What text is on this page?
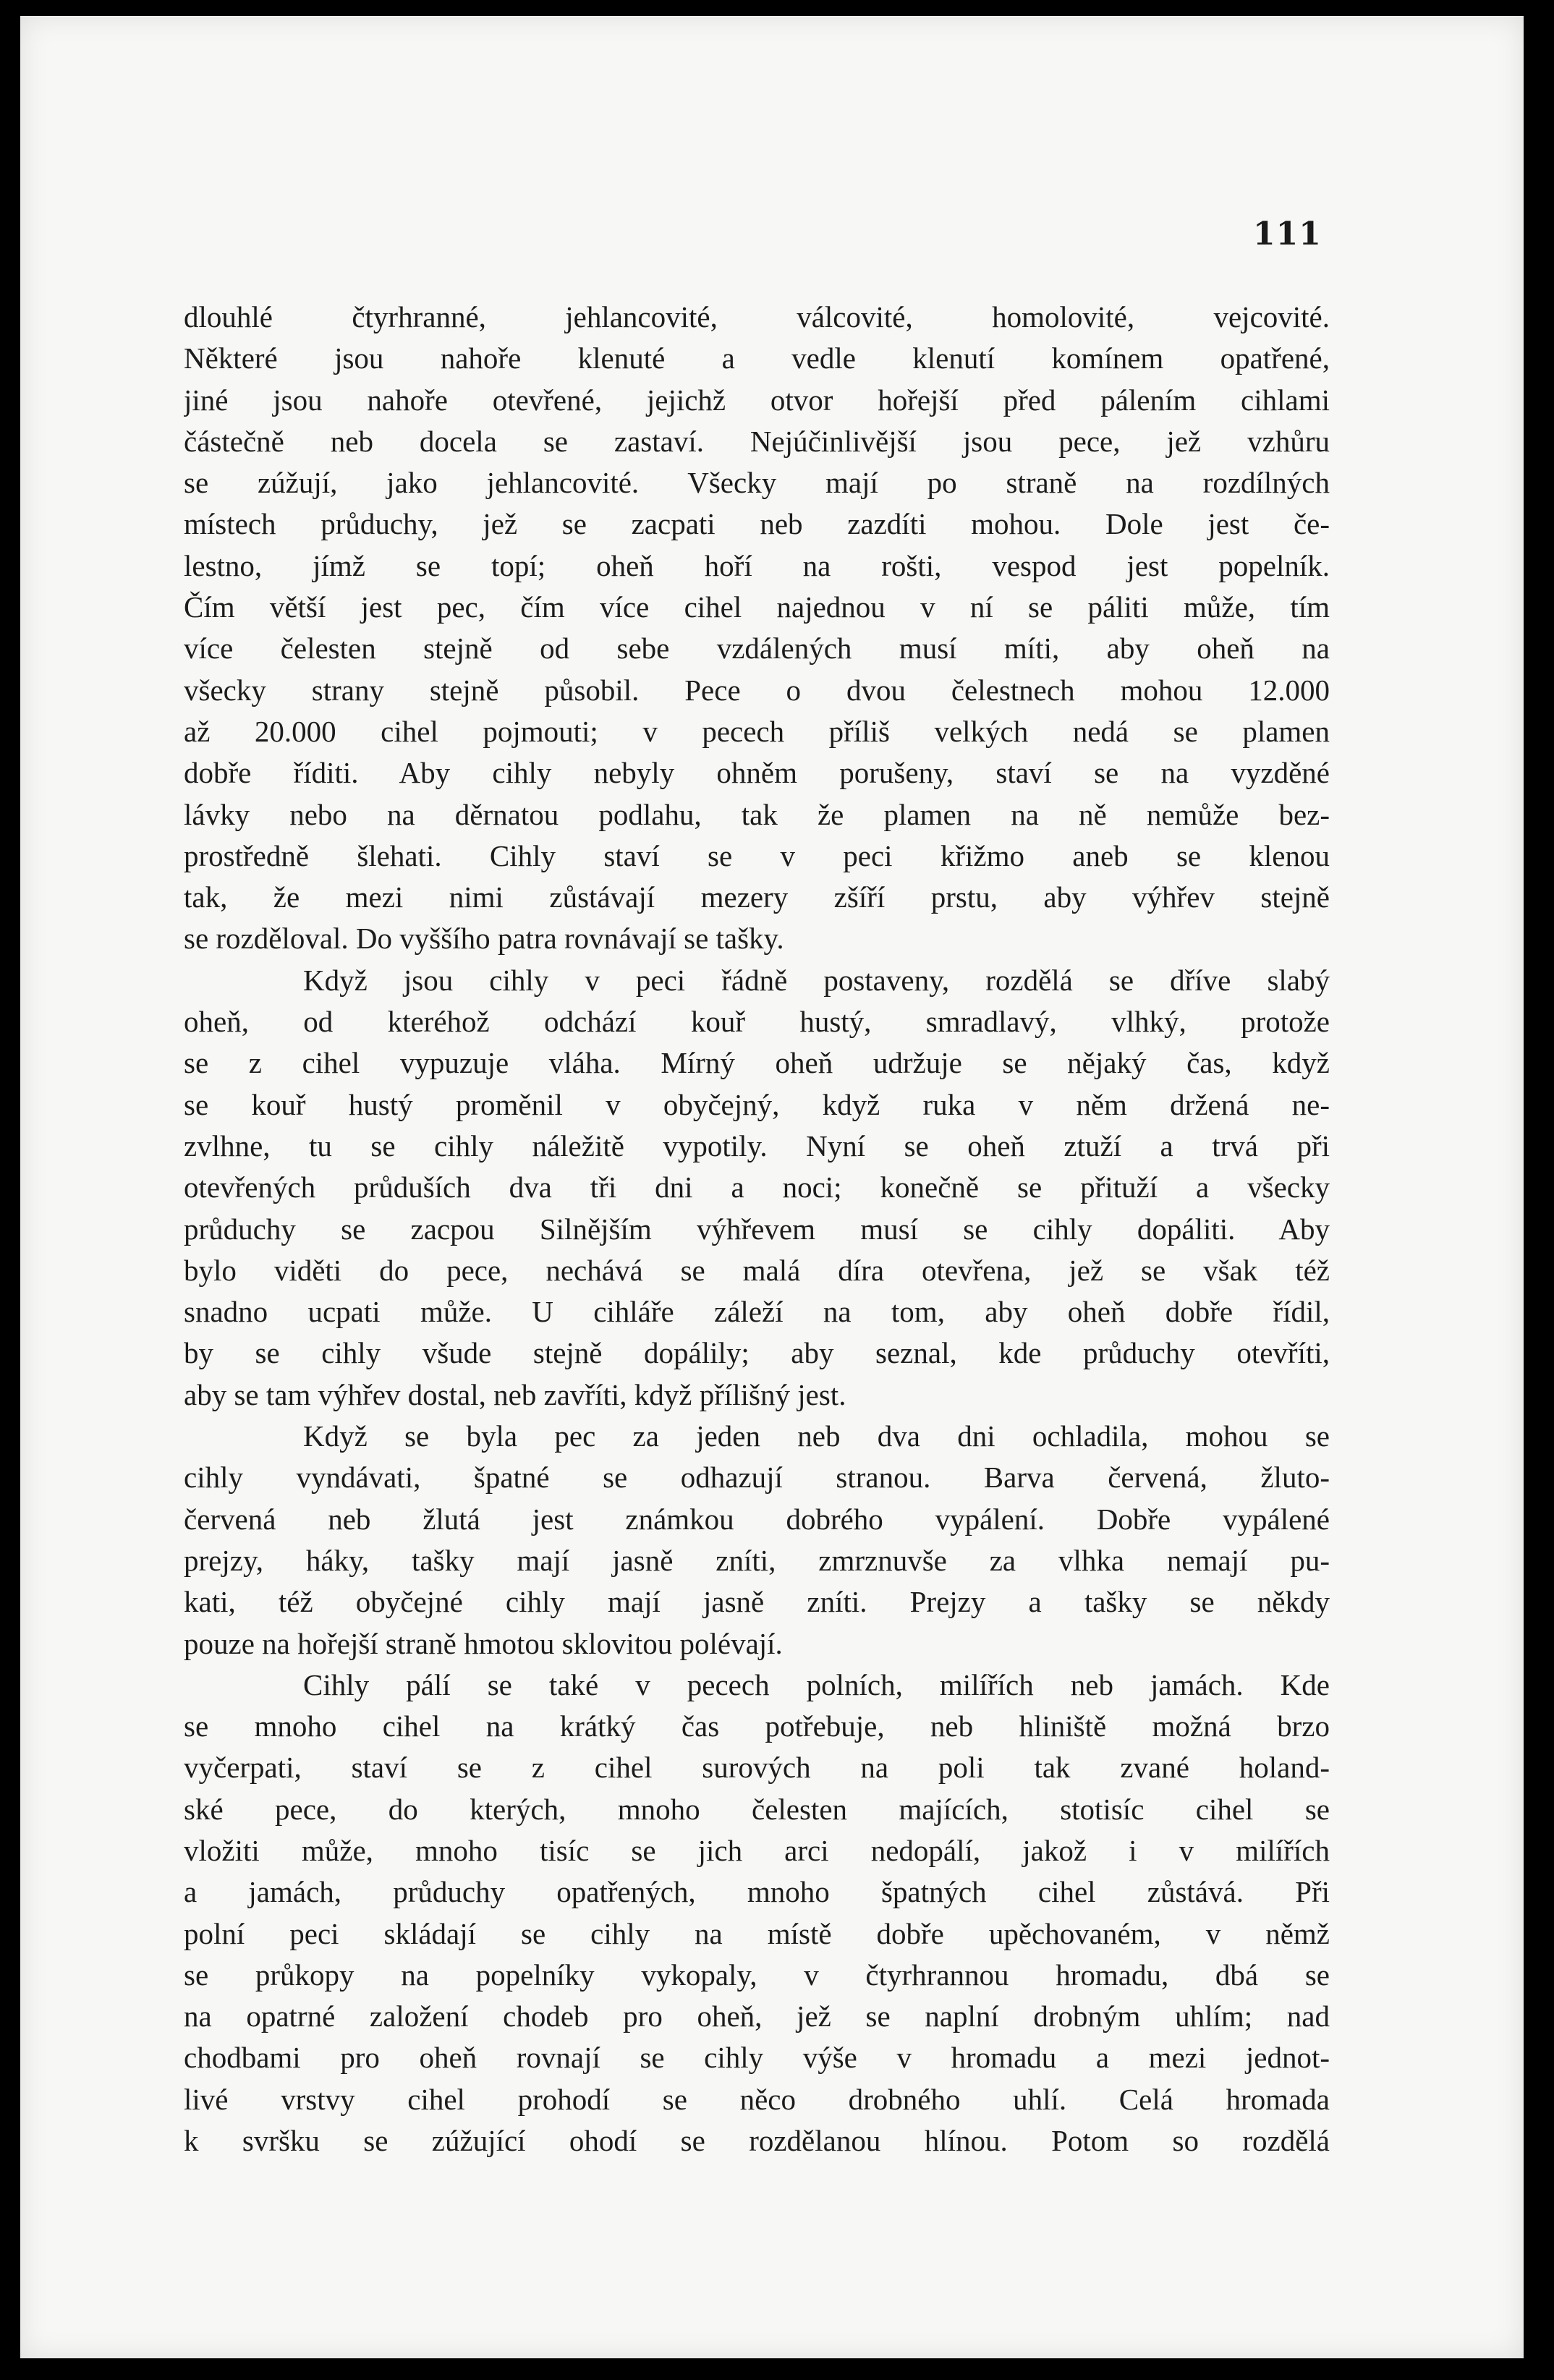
111
dlouhlé čtyrhranné, jehlancovité, válcovité, homolovité, vejcovité.
Některé jsou nahoře klenuté a vedle klenutí komínem opatřené,
jiné jsou nahoře otevřené, jejichž otvor hořejší před pálením cihlami
částečně neb docela se zastaví. Nejúčinlivější jsou pece, jež vzhůru
se zúžují, jako jehlancovité. Všecky mají po straně na rozdílných
místech průduchy, jež se zacpati neb zazdíti mohou. Dole jest če-
lestno, jímž se topí; oheň hoří na rošti, vespod jest popelník.
Čím větší jest pec, čím více cihel najednou v ní se páliti může, tím
více čelesten stejně od sebe vzdálených musí míti, aby oheň na
všecky strany stejně působil. Pece o dvou čelestnech mohou 12.000
až 20.000 cihel pojmouti; v pecech příliš velkých nedá se plamen
dobře říditi. Aby cihly nebyly ohněm porušeny, staví se na vyzděné
lávky nebo na děrnatou podlahu, tak že plamen na ně nemůže bez-
prostředně šlehati. Cihly staví se v peci křižmo aneb se klenou
tak, že mezi nimi zůstávají mezery zšíří prstu, aby výhřev stejně
se rozděloval. Do vyššího patra rovnávají se tašky.
Když jsou cihly v peci řádně postaveny, rozdělá se dříve slabý
oheň, od kteréhož odchází kouř hustý, smradlavý, vlhký, protože
se z cihel vypuzuje vláha. Mírný oheň udržuje se nějaký čas, když
se kouř hustý proměnil v obyčejný, když ruka v něm držená ne-
zvlhne, tu se cihly náležitě vypotily. Nyní se oheň ztuží a trvá při
otevřených průduších dva tři dni a noci; konečně se přituží a všecky
průduchy se zacpou Silnějším výhřevem musí se cihly dopáliti. Aby
bylo viděti do pece, nechává se malá díra otevřena, jež se však též
snadno ucpati může. U cihláře záleží na tom, aby oheň dobře řídil,
by se cihly všude stejně dopálily; aby seznal, kde průduchy otevříti,
aby se tam výhřev dostal, neb zavříti, když přílišný jest.
Když se byla pec za jeden neb dva dni ochladila, mohou se
cihly vyndávati, špatné se odhazují stranou. Barva červená, žluto-
červená neb žlutá jest známkou dobrého vypálení. Dobře vypálené
prejzy, háky, tašky mají jasně zníti, zmrznuvše za vlhka nemají pu-
kati, též obyčejné cihly mají jasně zníti. Prejzy a tašky se někdy
pouze na hořejší straně hmotou sklovitou polévají.
Cihly pálí se také v pecech polních, milířích neb jamách. Kde
se mnoho cihel na krátký čas potřebuje, neb hliniště možná brzo
vyčerpati, staví se z cihel surových na poli tak zvané holand-
ské pece, do kterých, mnoho čelesten majících, stotisíc cihel se
vložiti může, mnoho tisíc se jich arci nedopálí, jakož i v milířích
a jamách, průduchy opatřených, mnoho špatných cihel zůstává. Při
polní peci skládají se cihly na místě dobře upěchovaném, v němž
se průkopy na popelníky vykopaly, v čtyrhrannou hromadu, dbá se
na opatrné založení chodeb pro oheň, jež se naplní drobným uhlím; nad
chodbami pro oheň rovnají se cihly výše v hromadu a mezi jednot-
livé vrstvy cihel prohodí se něco drobného uhlí. Celá hromada
k svršku se zúžující ohodí se rozdělanou hlínou. Potom so rozdělá
